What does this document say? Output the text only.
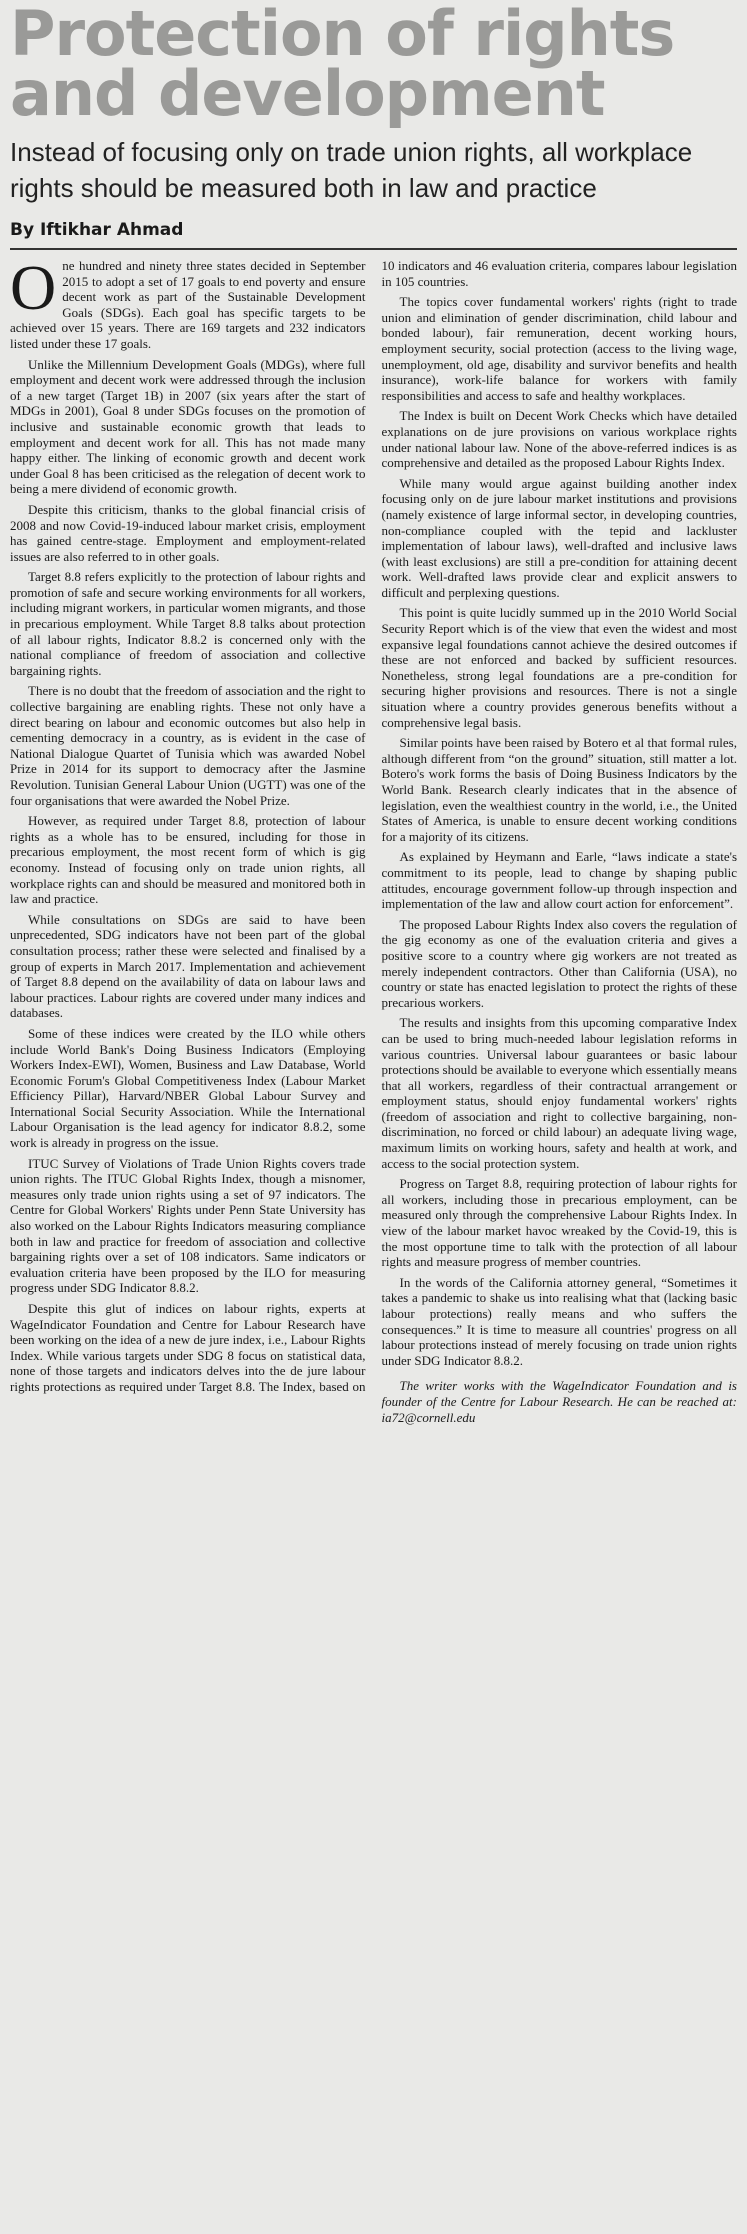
Protection of rights and development

Instead of focusing only on trade union rights, all workplace rights should be measured both in law and practice

By Iftikhar Ahmad

One hundred and ninety three states decided in September 2015 to adopt a set of 17 goals to end poverty and ensure decent work as part of the Sustainable Development Goals (SDGs). Each goal has specific targets to be achieved over 15 years. There are 169 targets and 232 indicators listed under these 17 goals.

Unlike the Millennium Development Goals (MDGs), where full employment and decent work were addressed through the inclusion of a new target (Target 1B) in 2007 (six years after the start of MDGs in 2001), Goal 8 under SDGs focuses on the promotion of inclusive and sustainable economic growth that leads to employment and decent work for all. This has not made many happy either. The linking of economic growth and decent work under Goal 8 has been criticised as the relegation of decent work to being a mere dividend of economic growth.

Despite this criticism, thanks to the global financial crisis of 2008 and now Covid-19-induced labour market crisis, employment has gained centre-stage. Employment and employment-related issues are also referred to in other goals.

Target 8.8 refers explicitly to the protection of labour rights and promotion of safe and secure working environments for all workers, including migrant workers, in particular women migrants, and those in precarious employment. While Target 8.8 talks about protection of all labour rights, Indicator 8.8.2 is concerned only with the national compliance of freedom of association and collective bargaining rights.

There is no doubt that the freedom of association and the right to collective bargaining are enabling rights. These not only have a direct bearing on labour and economic outcomes but also help in cementing democracy in a country, as is evident in the case of National Dialogue Quartet of Tunisia which was awarded Nobel Prize in 2014 for its support to democracy after the Jasmine Revolution. Tunisian General Labour Union (UGTT) was one of the four organisations that were awarded the Nobel Prize.

However, as required under Target 8.8, protection of labour rights as a whole has to be ensured, including for those in precarious employment, the most recent form of which is gig economy. Instead of focusing only on trade union rights, all workplace rights can and should be measured and monitored both in law and practice.

While consultations on SDGs are said to have been unprecedented, SDG indicators have not been part of the global consultation process; rather these were selected and finalised by a group of experts in March 2017. Implementation and achievement of Target 8.8 depend on the availability of data on labour laws and labour practices. Labour rights are covered under many indices and databases.

Some of these indices were created by the ILO while others include World Bank's Doing Business Indicators (Employing Workers Index-EWI), Women, Business and Law Database, World Economic Forum's Global Competitiveness Index (Labour Market Efficiency Pillar), Harvard/NBER Global Labour Survey and International Social Security Association. While the International Labour Organisation is the lead agency for indicator 8.8.2, some work is already in progress on the issue.

ITUC Survey of Violations of Trade Union Rights covers trade union rights. The ITUC Global Rights Index, though a misnomer, measures only trade union rights using a set of 97 indicators. The Centre for Global Workers' Rights under Penn State University has also worked on the Labour Rights Indicators measuring compliance both in law and practice for freedom of association and collective bargaining rights over a set of 108 indicators. Same indicators or evaluation criteria have been proposed by the ILO for measuring progress under SDG Indicator 8.8.2.

Despite this glut of indices on labour rights, experts at WageIndicator Foundation and Centre for Labour Research have been working on the idea of a new de jure index, i.e., Labour Rights Index. While various targets under SDG 8 focus on statistical data, none of those targets and indicators delves into the de jure labour rights protections as required under Target 8.8. The Index, based on 10 indicators and 46 evaluation criteria, compares labour legislation in 105 countries.

The topics cover fundamental workers' rights (right to trade union and elimination of gender discrimination, child labour and bonded labour), fair remuneration, decent working hours, employment security, social protection (access to the living wage, unemployment, old age, disability and survivor benefits and health insurance), work-life balance for workers with family responsibilities and access to safe and healthy workplaces.

The Index is built on Decent Work Checks which have detailed explanations on de jure provisions on various workplace rights under national labour law. None of the above-referred indices is as comprehensive and detailed as the proposed Labour Rights Index.

While many would argue against building another index focusing only on de jure labour market institutions and provisions (namely existence of large informal sector, in developing countries, non-compliance coupled with the tepid and lackluster implementation of labour laws), well-drafted and inclusive laws (with least exclusions) are still a pre-condition for attaining decent work. Well-drafted laws provide clear and explicit answers to difficult and perplexing questions.

This point is quite lucidly summed up in the 2010 World Social Security Report which is of the view that even the widest and most expansive legal foundations cannot achieve the desired outcomes if these are not enforced and backed by sufficient resources. Nonetheless, strong legal foundations are a pre-condition for securing higher provisions and resources. There is not a single situation where a country provides generous benefits without a comprehensive legal basis.

Similar points have been raised by Botero et al that formal rules, although different from “on the ground” situation, still matter a lot. Botero's work forms the basis of Doing Business Indicators by the World Bank. Research clearly indicates that in the absence of legislation, even the wealthiest country in the world, i.e., the United States of America, is unable to ensure decent working conditions for a majority of its citizens.

As explained by Heymann and Earle, “laws indicate a state's commitment to its people, lead to change by shaping public attitudes, encourage government follow-up through inspection and implementation of the law and allow court action for enforcement”.

The proposed Labour Rights Index also covers the regulation of the gig economy as one of the evaluation criteria and gives a positive score to a country where gig workers are not treated as merely independent contractors. Other than California (USA), no country or state has enacted legislation to protect the rights of these precarious workers.

The results and insights from this upcoming comparative Index can be used to bring much-needed labour legislation reforms in various countries. Universal labour guarantees or basic labour protections should be available to everyone which essentially means that all workers, regardless of their contractual arrangement or employment status, should enjoy fundamental workers' rights (freedom of association and right to collective bargaining, non-discrimination, no forced or child labour) an adequate living wage, maximum limits on working hours, safety and health at work, and access to the social protection system.

Progress on Target 8.8, requiring protection of labour rights for all workers, including those in precarious employment, can be measured only through the comprehensive Labour Rights Index. In view of the labour market havoc wreaked by the Covid-19, this is the most opportune time to talk with the protection of all labour rights and measure progress of member countries.

In the words of the California attorney general, “Sometimes it takes a pandemic to shake us into realising what that (lacking basic labour protections) really means and who suffers the consequences.” It is time to measure all countries' progress on all labour protections instead of merely focusing on trade union rights under SDG Indicator 8.8.2.

The writer works with the WageIndicator Foundation and is founder of the Centre for Labour Research. He can be reached at: ia72@cornell.edu
